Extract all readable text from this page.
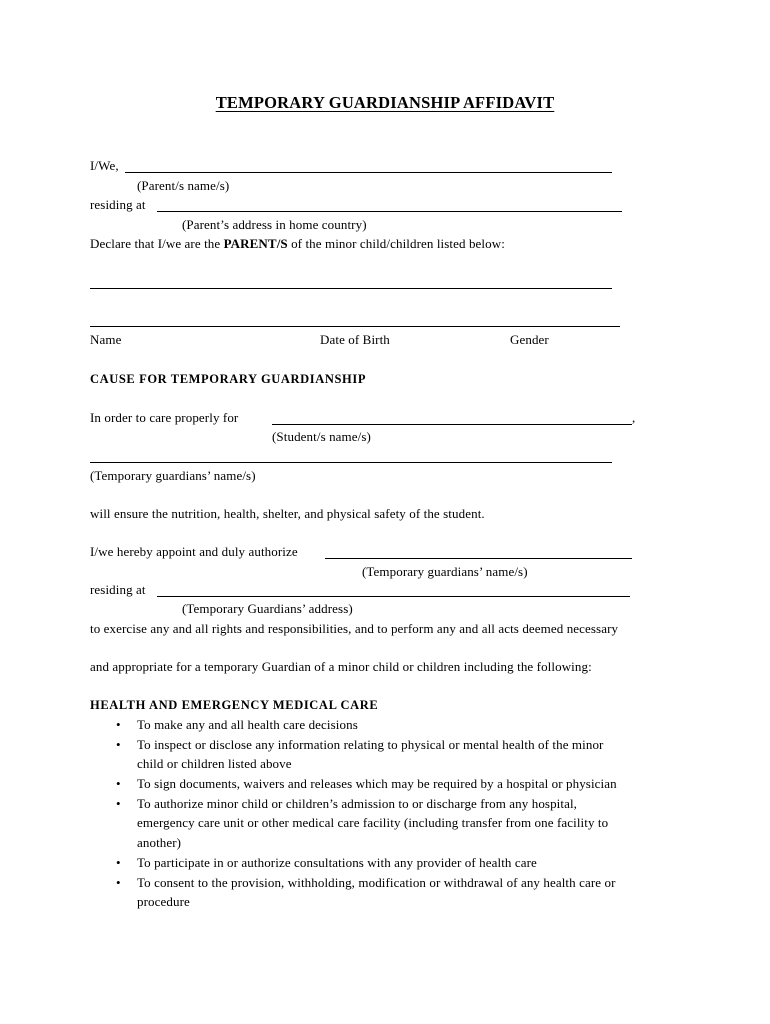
TEMPORARY GUARDIANSHIP AFFIDAVIT
I/We,
(Parent/s name/s)
residing at
(Parent’s address in home country)
Declare that I/we are the PARENT/S of the minor child/children listed below:
Name	Date of Birth	Gender
CAUSE FOR TEMPORARY GUARDIANSHIP
In order to care properly for	,
(Student/s name/s)
(Temporary guardians’ name/s)
will ensure the nutrition, health, shelter, and physical safety of the student.
I/we hereby appoint and duly authorize
(Temporary guardians’ name/s)
residing at
(Temporary Guardians’ address)
to exercise any and all rights and responsibilities, and to perform any and all acts deemed necessary
and appropriate for a temporary Guardian of a minor child or children including the following:
HEALTH AND EMERGENCY MEDICAL CARE
• To make any and all health care decisions
• To inspect or disclose any information relating to physical or mental health of the minor
child or children listed above
• To sign documents, waivers and releases which may be required by a hospital or physician
• To authorize minor child or children’s admission to or discharge from any hospital,
emergency care unit or other medical care facility (including transfer from one facility to
another)
• To participate in or authorize consultations with any provider of health care
• To consent to the provision, withholding, modification or withdrawal of any health care or
procedure
